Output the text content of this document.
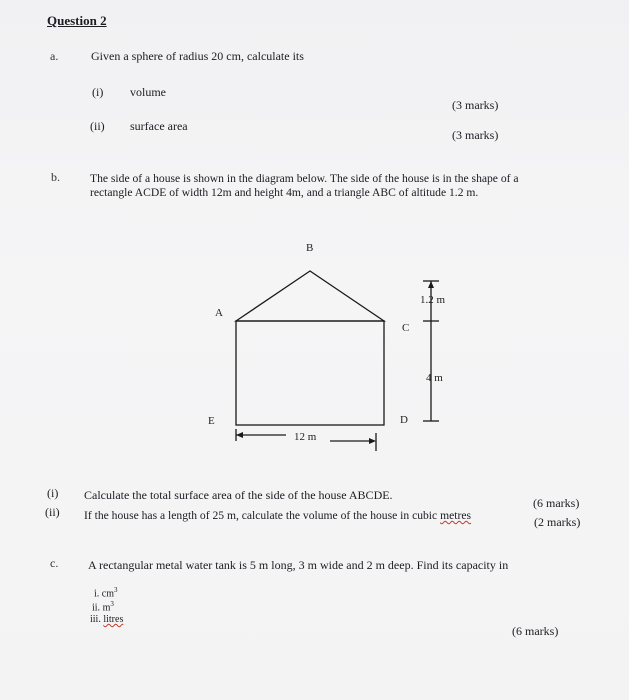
Question 2
a.	Given a sphere of radius 20 cm, calculate its
(i) volume
(3 marks)
(ii) surface area
(3 marks)
b.	The side of a house is shown in the diagram below. The side of the house is in the shape of a
rectangle ACDE of width 12m and height 4m, and a triangle ABC of altitude 1.2 m.
B
A
C
D
E
1.2 m
4 m
12 m
(i) Calculate the total surface area of the side of the house ABCDE.
(6 marks)
(ii) If the house has a length of 25 m, calculate the volume of the house in cubic metres	(2 marks)
c. A rectangular metal water tank is 5 m long, 3 m wide and 2 m deep. Find its capacity in
i. $cm^3$
ii. $m^3$
iii. litres
(6 marks)
